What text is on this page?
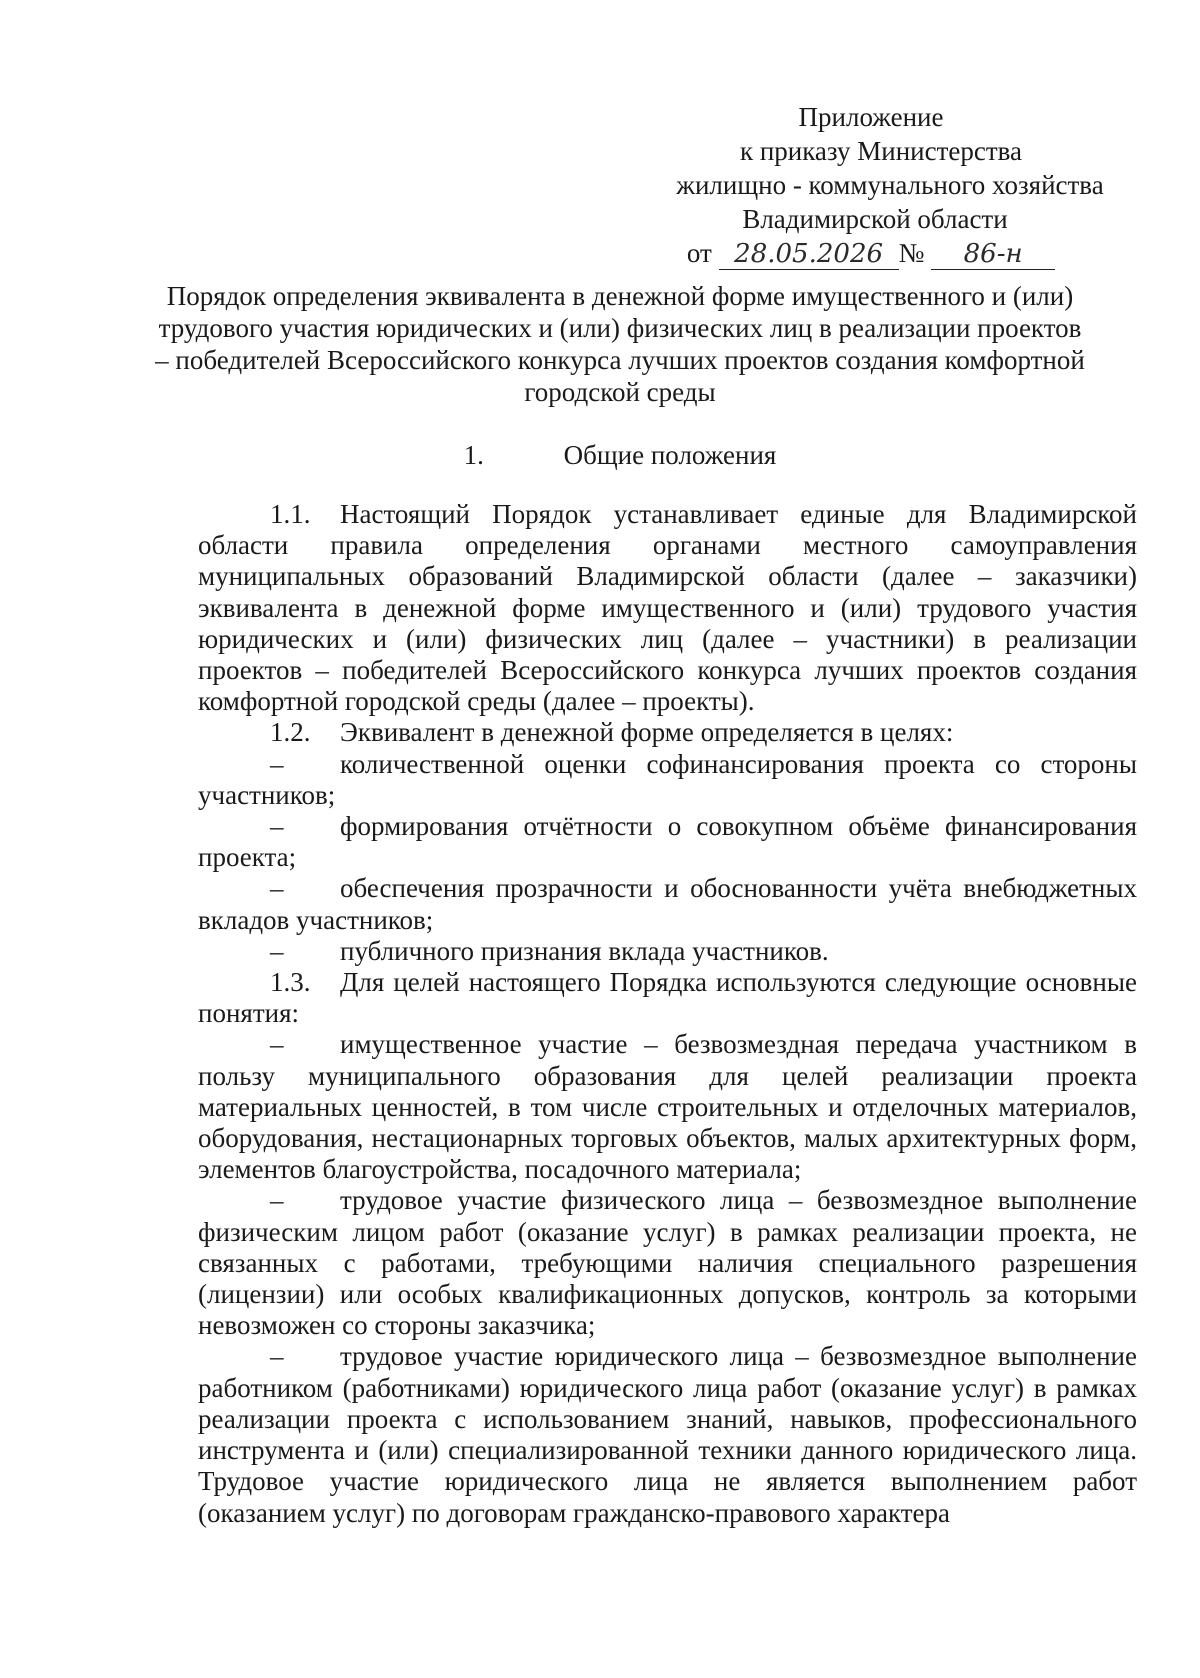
Приложение
к приказу Министерства
жилищно - коммунального хозяйства
Владимирской области
от 28.05.2026 № 86-н
Порядок определения эквивалента в денежной форме имущественного и (или) трудового участия юридических и (или) физических лиц в реализации проектов – победителей Всероссийского конкурса лучших проектов создания комфортной городской среды
1.	Общие положения

1.1. Настоящий Порядок устанавливает единые для Владимирской области правила определения органами местного самоуправления муниципальных образований Владимирской области (далее – заказчики) эквивалента в денежной форме имущественного и (или) трудового участия юридических и (или) физических лиц (далее – участники) в реализации проектов – победителей Всероссийского конкурса лучших проектов создания комфортной городской среды (далее – проекты).

1.2. Эквивалент в денежной форме определяется в целях:

– количественной оценки софинансирования проекта со стороны участников;

– формирования отчётности о совокупном объёме финансирования проекта;

– обеспечения прозрачности и обоснованности учёта внебюджетных вкладов участников;

– публичного признания вклада участников.

1.3. Для целей настоящего Порядка используются следующие основные понятия:

– имущественное участие – безвозмездная передача участником в пользу муниципального образования для целей реализации проекта материальных ценностей, в том числе строительных и отделочных материалов, оборудования, нестационарных торговых объектов, малых архитектурных форм, элементов благоустройства, посадочного материала;

– трудовое участие физического лица – безвозмездное выполнение физическим лицом работ (оказание услуг) в рамках реализации проекта, не связанных с работами, требующими наличия специального разрешения (лицензии) или особых квалификационных допусков, контроль за которыми невозможен со стороны заказчика;

– трудовое участие юридического лица – безвозмездное выполнение работником (работниками) юридического лица работ (оказание услуг) в рамках реализации проекта с использованием знаний, навыков, профессионального инструмента и (или) специализированной техники данного юридического лица. Трудовое участие юридического лица не является выполнением работ (оказанием услуг) по договорам гражданско-правового характера
